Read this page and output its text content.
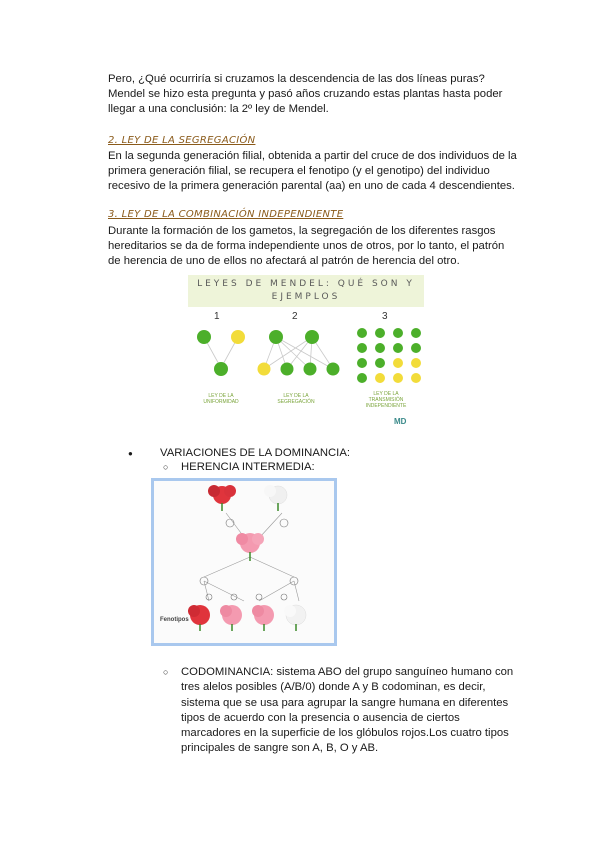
Pero, ¿Qué ocurriría si cruzamos la descendencia de las dos líneas puras? Mendel se hizo esta pregunta y pasó años cruzando estas plantas hasta poder llegar a una conclusión: la 2º ley de Mendel.

2. LEY DE LA SEGREGACIÓN

En la segunda generación filial, obtenida a partir del cruce de dos individuos de la primera generación filial, se recupera el fenotipo (y el genotipo) del individuo recesivo de la primera generación parental (aa) en uno de cada 4 descendientes.

3. LEY DE LA COMBINACIÓN INDEPENDIENTE

Durante la formación de los gametos, la segregación de los diferentes rasgos hereditarios se da de forma independiente unos de otros, por lo tanto, el patrón de herencia de uno de ellos no afectará al patrón de herencia del otro.

LEYES DE MENDEL: QUÉ SON Y EJEMPLOS
1	2	3
LEY DE LA UNIFORMIDAD
LEY DE LA SEGREGACIÓN
LEY DE LA TRANSMISIÓN INDEPENDIENTE
MD
● VARIACIONES DE LA DOMINANCIA:
○ HERENCIA INTERMEDIA:
Fenotipos
○ CODOMINANCIA: sistema ABO del grupo sanguíneo humano con tres alelos posibles (A/B/0) donde A y B codominan, es decir, sistema que se usa para agrupar la sangre humana en diferentes tipos de acuerdo con la presencia o ausencia de ciertos marcadores en la superficie de los glóbulos rojos.Los cuatro tipos principales de sangre son A, B, O y AB.
